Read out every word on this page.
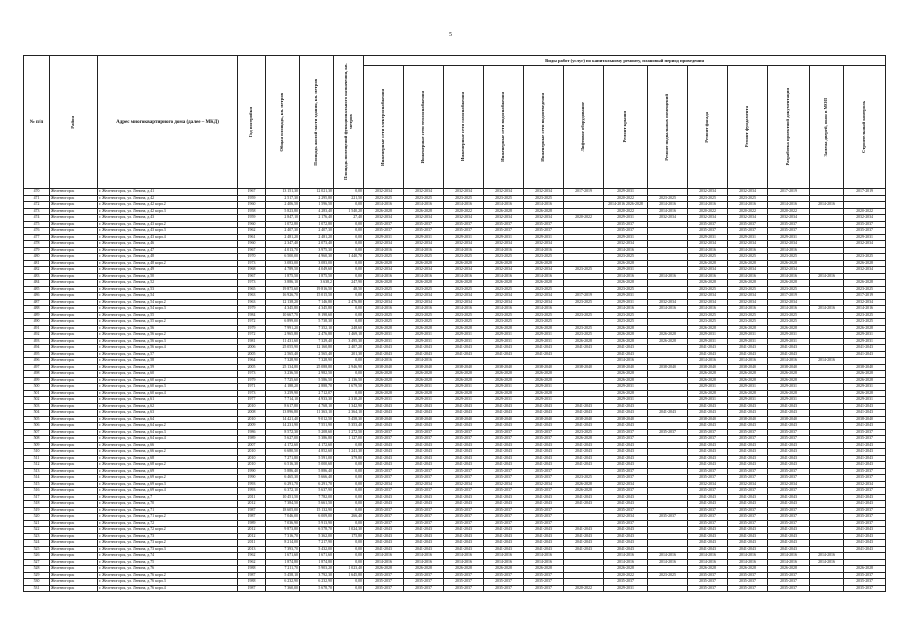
5
№ п/п	Район	Адрес многоквартирного дома (далее – МКД)	Год постройки	Общая площадь, кв. метров	Площадь жилой части здания, кв. метров	Площадь помещений функционального назначения, кв. метров	Виды работ (услуг) по капитальному ремонту, плановый период проведения												

							Инженерные сети электроснабжения	Инженерные сети теплоснабжения	Инженерные сети газоснабжения	Инженерные сети водоснабжения	Инженерные сети водоотведения	Лифтовое оборудование	Ремонт крыши	Ремонт подвальных помещений	Ремонт фасада	Ремонт фундамента	Разработка проектной документации	Замена дверей, окон в МОП	Строительный контроль

470	Железногорск	г. Железногорск, ул. Ленина, д.41	1967	13 151,30	12 021,30	0,00	2032-2034	2032-2034	2032-2034	2032-2034	2032-2034	2017-2019	2029-2031		2032-2034	2032-2034	2017-2019		2017-2019
471	Железногорск	г. Железногорск, ул. Ленина, д.42	1959	2 517,30	2 295,80	221,50	2023-2025	2023-2025	2023-2025	2023-2025	2023-2025		2020-2022	2023-2025	2023-2025	2023-2025			
472	Железногорск	г. Железногорск, ул. Ленина, д.42 корп.2	1960	2 406,50	1 596,50	0,00	2014-2016	2014-2016	2014-2016	2014-2016	2014-2016		2014-2016 2026-2028	2014-2016	2014-2016	2014-2016	2014-2016	2014-2016	
473	Железногорск	г. Железногорск, ул. Ленина, д.42 корп.3	1958	5 823,80	4 283,40	1 540,20	2026-2028	2026-2028	2020-2022	2026-2028	2026-2028		2020-2022	2014-2016	2020-2022	2020-2022	2020-2022		2020-2022
474	Железногорск	г. Железногорск, ул. Ленина, д.43	1959	2 847,10	2 176,40	27,40	2032-2034	2032-2034	2032-2034	2032-2034	2032-2034	2020-2022	2029-2031	2032-2034	2032-2034	2032-2034	2032-2034		2032-2034
475	Железногорск	г. Железногорск, ул. Ленина, д.43 корп.2	1960	1 072,80	1 072,80	0,00	2035-2037	2035-2037	2035-2037	2035-2037	2035-2037		2035-2037		2035-2037	2035-2037	2035-2037		2035-2037
476	Железногорск	г. Железногорск, ул. Ленина, д.43 корп.3	1962	2 407,30	2 407,30	0,00	2035-2037	2035-2037	2035-2037	2035-2037	2035-2037		2035-2037		2035-2037	2035-2037	2035-2037		2035-2037
477	Железногорск	г. Железногорск, ул. Ленина, д.43 корп.4	1961	2 481,20	2 481,20	0,00	2029-2031	2029-2031	2029-2031	2029-2031	2029-2031		2029-2031		2029-2031	2029-2031	2029-2031		2029-2031
478	Железногорск	г. Железногорск, ул. Ленина, д.46	1960	2 347,40	2 073,40	0,00	2032-2034	2032-2034	2032-2034	2032-2034	2032-2034		2032-2034		2032-2034	2032-2034	2032-2034		2032-2034
479	Железногорск	г. Железногорск, ул. Ленина, д.47	1967	4 013,70	3 975,30	0,00	2014-2016	2014-2016	2014-2016	2014-2016	2014-2016		2014-2016		2014-2016	2014-2016	2014-2016		
480	Железногорск	г. Железногорск, ул. Ленина, д.48	1970	6 500,00	4 960,30	1 440,70	2023-2025	2023-2025	2023-2025	2023-2025	2023-2025		2023-2025		2023-2025	2023-2025	2023-2025		2023-2025
481	Железногорск	г. Железногорск, ул. Ленина, д.48 корп.2	1973	3 083,00	3 083,00	0,00	2026-2028	2026-2028	2026-2028	2026-2028	2026-2028		2026-2028		2026-2028	2026-2028	2026-2028		2026-2028
482	Железногорск	г. Железногорск, ул. Ленина, д.49	1968	4 789,50	4 049,60	0,00	2032-2034	2032-2034	2032-2034	2032-2034	2032-2034	2023-2025	2029-2031		2032-2034	2032-2034	2032-2034		2032-2034
483	Железногорск	г. Железногорск, ул. Ленина, д.50	1967	1 875,50	1 875,50	0,00	2014-2016	2014-2016	2014-2016	2014-2016	2014-2016		2014-2016	2014-2016	2014-2016	2014-2016	2014-2016	2014-2016	
484	Железногорск	г. Железногорск, ул. Ленина, д.52	1973	3 886,10	3 638,2	247,90	2026-2028	2026-2028	2026-2028	2026-2028	2026-2028		2026-2028		2026-2028	2026-2028	2026-2028		2026-2028
485	Железногорск	г. Железногорск, ул. Ленина, д.53	1965	19 875,60	19 816,50	48,50	2023-2025	2023-2025	2023-2025	2023-2025	2023-2025		2023-2025		2023-2025	2023-2025	2023-2025		2023-2025
486	Железногорск	г. Железногорск, ул. Ленина, д.54	1963	16 926,70	15 015,50	0,00	2032-2034	2032-2034	2032-2034	2032-2034	2032-2034	2017-2019	2029-2031		2032-2034	2032-2034	2017-2019		2017-2019
487	Железногорск	г. Железногорск, ул. Ленина, д.54 корп.2	1963	12 138,20	7 146,80	2 476,80	2032-2034	2032-2034	2032-2034	2032-2034	2032-2034	2023-2025	2029-2031	2032-2034	2032-2034	2032-2034	2032-2034		2032-2034
488	Железногорск	г. Железногорск, ул. Ленина, д.54 корп.3	1979	4 345,80	4 345,80	0,00	2014-2016	2014-2016	2014-2016	2014-2016	2014-2016		2014-2016	2014-2016	2014-2016	2014-2016	2014-2016	2014-2016	2014-2016
489	Железногорск	г. Железногорск, ул. Ленина, д.55	1984	10 667,70	8 198,60	0,00	2023-2025	2023-2025	2023-2025	2023-2025	2023-2025	2023-2025	2023-2025		2023-2025	2023-2025	2023-2025		2023-2025
490	Железногорск	г. Железногорск, ул. Ленина, д.55 корп.2	1972	6 899,00	5 738,30	0,00	2023-2025	2023-2025	2023-2025	2023-2025	2023-2025		2023-2025		2023-2025	2023-2025	2023-2025		2023-2025
491	Железногорск	г. Железногорск, ул. Ленина, д.56	1979	7 991,20	7 352,10	248,60	2026-2028	2026-2028	2026-2028	2026-2028	2026-2028	2023-2025	2026-2028		2026-2028	2026-2028	2026-2028		2026-2028
492	Железногорск	г. Железногорск, ул. Ленина, д.56 корп.2	1972	2 965,80	2 476,80	1 469,10	2029-2031	2029-2031	2029-2031	2029-2031	2029-2031	2023-2025	2026-2028	2026-2028	2029-2031	2029-2031	2029-2031		2029-2031
493	Железногорск	г. Железногорск, ул. Ленина, д.56 корп.3	1981	11 431,60	7 329,40	3 495,30	2029-2031	2029-2031	2029-2031	2029-2031	2029-2031	2026-2028	2026-2028	2026-2028	2029-2031	2029-2031	2029-2031		2029-2031
494	Железногорск	г. Железногорск, ул. Ленина, д.56 корп.4	2006	25 055,90	12 160,80	2 407,20	2041-2043	2041-2043	2041-2043	2041-2043	2041-2043	2041-2043	2041-2043		2041-2043	2041-2043	2041-2043		2041-2043
495	Железногорск	г. Железногорск, ул. Ленина, д.57	2005	2 565,40	2 565,40	201,30	2041-2043	2041-2043	2041-2043	2041-2043	2041-2043		2041-2043		2041-2043	2041-2043	2041-2043		2041-2043
496	Железногорск	г. Железногорск, ул. Ленина, д.58	1964	7 328,90	7 328,90	0,00	2014-2016	2014-2016					2014-2016		2014-2016	2014-2016	2014-2016	2014-2016	
497	Железногорск	г. Железногорск, ул. Ленина, д.59	2005	25 134,80	25 088,80	2 946,90	2038-2040	2038-2040	2038-2040	2038-2040	2038-2040	2038-2040	2038-2040	2038-2040	2038-2040	2038-2040	2038-2040		2038-2040
498	Железногорск	г. Железногорск, ул. Ленина, д.60	1973	3 236,50	2 982,50	0,00	2026-2028	2026-2028	2026-2028	2026-2028	2026-2028		2026-2028		2026-2028	2026-2028	2026-2028		2026-2028
499	Железногорск	г. Железногорск, ул. Ленина, д.60 корп.2	1979	7 725,60	5 586,50	2 136,50	2026-2028	2026-2028	2026-2028	2026-2028	2026-2028		2026-2028		2026-2028	2026-2028	2026-2028		2026-2028
500	Железногорск	г. Железногорск, ул. Ленина, д.60 корп.3	1971	4 188,20	2 888,70	1 679,50	2029-2031	2029-2031	2029-2031	2029-2031	2029-2031		2029-2031		2029-2031	2029-2031	2029-2031		2029-2031
501	Железногорск	г. Железногорск, ул. Ленина, д.60 корп.4	1973	3 259,90	2 712,07	0,00	2026-2028	2026-2028	2026-2028	2026-2028	2026-2028		2026-2028		2026-2028	2026-2028	2026-2028		2026-2028
502	Железногорск	г. Железногорск, ул. Ленина, д.61	1977	7 714,10	4 933,30	2 310,20	2029-2031	2029-2031	2029-2031	2029-2031	2029-2031		2029-2031		2029-2031	2029-2031	2029-2031		2029-2031
503	Железногорск	г. Железногорск, ул. Ленина, д.62	2010	8 617,80	4 768,10	1 342,90	2041-2043	2041-2043	2041-2043	2041-2043	2041-2043	2041-2043	2041-2043		2041-2043	2041-2043	2041-2043		2041-2043
504	Железногорск	г. Железногорск, ул. Ленина, д.63	2008	13 896,80	11 363,10	2 364,10	2041-2043	2041-2043	2041-2043	2041-2043	2041-2043	2041-2043	2041-2043	2041-2043	2041-2043	2041-2043	2041-2043		2041-2043
505	Железногорск	г. Железногорск, ул. Ленина, д.64	2010	14 421,40	9 012,50	5 458,30	2038-2040	2038-2040	2038-2040	2038-2040	2038-2040	2038-2040	2038-2040		2038-2040	2038-2040	2038-2040		2038-2040
506	Железногорск	г. Железногорск, ул. Ленина, д.64 корп.2	2009	14 231,90	7 551,90	5 353,40	2041-2043	2041-2043	2041-2043	2041-2043	2041-2043	2041-2043	2041-2043		2041-2043	2041-2043	2041-2043		2041-2043
507	Железногорск	г. Железногорск, ул. Ленина, д.64 корп.3	1986	8 572,30	5 208,60	1 272,50	2035-2037	2035-2037	2035-2037	2035-2037	2035-2037	2023-2025	2035-2037	2035-2037	2035-2037	2035-2037	2035-2037		2035-2037
508	Железногорск	г. Железногорск, ул. Ленина, д.64 корп.4	1989	5 627,00	5 386,80	1 127,00	2035-2037	2035-2037	2035-2037	2035-2037	2035-2037	2026-2028	2035-2037		2035-2037	2035-2037	2035-2037		2035-2037
509	Железногорск	г. Железногорск, ул. Ленина, д.66	2007	4 172,60	4 172,60	0,00	2041-2043	2041-2043	2041-2043	2041-2043	2041-2043	2041-2043	2041-2043		2041-2043	2041-2043	2041-2043		2041-2043
510	Железногорск	г. Железногорск, ул. Ленина, д.66 корп.2	2010	6 680,50	4 852,60	1 241,30	2041-2043	2041-2043	2041-2043	2041-2043	2041-2043	2041-2043	2041-2043		2041-2043	2041-2043	2041-2043		2041-2043
511	Железногорск	г. Железногорск, ул. Ленина, д.68	2010	7 271,80	5 591,00	379,80	2041-2043	2041-2043	2041-2043	2041-2043	2041-2043	2041-2043	2041-2043		2041-2043	2041-2043	2041-2043		2041-2043
512	Железногорск	г. Железногорск, ул. Ленина, д.68 корп.2	2010	6 516,30	5 000,60	0,00	2041-2043	2041-2043	2041-2043	2041-2043	2041-2043	2041-2043	2041-2043		2041-2043	2041-2043	2041-2043		2041-2043
513	Железногорск	г. Железногорск, ул. Ленина, д.69	1990	5 886,40	5 886,40	0,00	2035-2037	2035-2037	2035-2037	2035-2037	2035-2037		2035-2037		2035-2037	2035-2037	2035-2037		2035-2037
514	Железногорск	г. Железногорск, ул. Ленина, д.69 корп.2	1990	6 465,30	5 666,40	0,00	2035-2037	2035-2037	2035-2037	2035-2037	2035-2037	2023-2025	2035-2037		2035-2037	2035-2037	2035-2037		2035-2037
515	Железногорск	г. Железногорск, ул. Ленина, д.69 корп.3	1993	6 291,70	6 291,70	0,00	2032-2034	2032-2034	2032-2034	2032-2034	2032-2034	2026-2028	2032-2034		2032-2034	2032-2034	2032-2034		2032-2034
516	Железногорск	г. Железногорск, ул. Ленина, д.69 корп.4	1993	6 372,10	5 637,90	0,00	2035-2037	2035-2037	2035-2037	2035-2037	2035-2037	2026-2028	2035-2037		2035-2037	2035-2037	2035-2037		2035-2037
517	Железногорск	г. Железногорск, ул. Ленина, д.7	2011	10 451,50	7 782,00	0,00	2041-2043	2041-2043	2041-2043	2041-2043	2041-2043	2041-2043	2041-2043		2041-2043	2041-2043	2041-2043		2041-2043
518	Железногорск	г. Железногорск, ул. Ленина, д.70	2012	7 384,50	5 661,50	0,00	2041-2043	2041-2043	2041-2043	2041-2043	2041-2043	2041-2043	2041-2043		2041-2043	2041-2043	2041-2043		2041-2043
519	Железногорск	г. Железногорск, ул. Ленина, д.71	1987	18 605,00	15 132,90	0,00	2035-2037	2035-2037	2035-2037	2035-2037	2035-2037		2035-2037		2035-2037	2035-2037	2035-2037		2035-2037
520	Железногорск	г. Железногорск, ул. Ленина, д.71 корп.2	1987	7 046,00	6 009,00	266,40	2035-2037	2035-2037	2035-2037	2035-2037	2035-2037		2032-2034	2035-2037	2035-2037	2035-2037	2035-2037		2035-2037
521	Железногорск	г. Железногорск, ул. Ленина, д.72	1989	7 036,90	5 913,90	0,00	2035-2037	2035-2037	2035-2037	2035-2037	2035-2037		2035-2037		2035-2037	2035-2037	2035-2037		2035-2037
522	Железногорск	г. Железногорск, ул. Ленина, д.72 корп.2	2012	9 873,80	6 578,70	1 024,30	2041-2043	2041-2043	2041-2043	2041-2043	2041-2043	2041-2043	2041-2043		2041-2043	2041-2043	2041-2043		2041-2043
523	Железногорск	г. Железногорск, ул. Ленина, д.73	2012	7 316,70	5 362,00	175,80	2041-2043	2041-2043	2041-2043	2041-2043	2041-2043	2041-2043	2041-2043		2041-2043	2041-2043	2041-2043		2041-2043
524	Железногорск	г. Железногорск, ул. Ленина, д.73 корп.2	2011	8 214,00	7 217,90	0,00	2041-2043	2041-2043	2041-2043	2041-2043	2041-2043	2041-2043	2041-2043		2041-2043	2041-2043	2041-2043		2041-2043
525	Железногорск	г. Железногорск, ул. Ленина, д.73 корп.3	2013	7 393,70	5 432,00	0,00	2041-2043	2041-2043	2041-2043	2041-2043	2041-2043	2041-2043	2041-2043		2041-2043	2041-2043	2041-2043		2041-2043
526	Железногорск	г. Железногорск, ул. Ленина, д.74	1962	1 671,60	1 671,60	0,00	2014-2016	2014-2016	2014-2016	2014-2016	2014-2016		2014-2016	2014-2016	2014-2016	2014-2016	2014-2016	2014-2016	
527	Железногорск	г. Железногорск, ул. Ленина, д.75	1962	1 874,80	1 874,80	0,00	2014-2016	2014-2016	2014-2016	2014-2016	2014-2016		2014-2016	2014-2016	2014-2016	2014-2016	2014-2016	2014-2016	
528	Железногорск	г. Железногорск, ул. Ленина, д.76	1988	7 211,70	5 903,20	1 023,40	2026-2028	2026-2028	2026-2028	2026-2028	2026-2028		2026-2028		2026-2028	2026-2028	2026-2028		2026-2028
529	Железногорск	г. Железногорск, ул. Ленина, д.76 корп.2	1987	5 458,10	3 792,30	1 645,80	2035-2037	2035-2037	2035-2037	2035-2037	2035-2037		2020-2022	2023-2025	2035-2037	2035-2037	2035-2037		2035-2037
530	Железногорск	г. Железногорск, ул. Ленина, д.76 корп.3	1988	6 232,90	6 232,90	0,00	2035-2037	2035-2037	2035-2037	2035-2037	2035-2037		2035-2037		2035-2037	2035-2037	2035-2037		2035-2037
531	Железногорск	г. Железногорск, ул. Ленина, д.76 корп.4	1987	7 360,00	5 678,70	0,00	2035-2037	2035-2037	2035-2037	2035-2037	2035-2037	2020-2022	2029-2031		2035-2037	2035-2037	2035-2037		2035-2037
